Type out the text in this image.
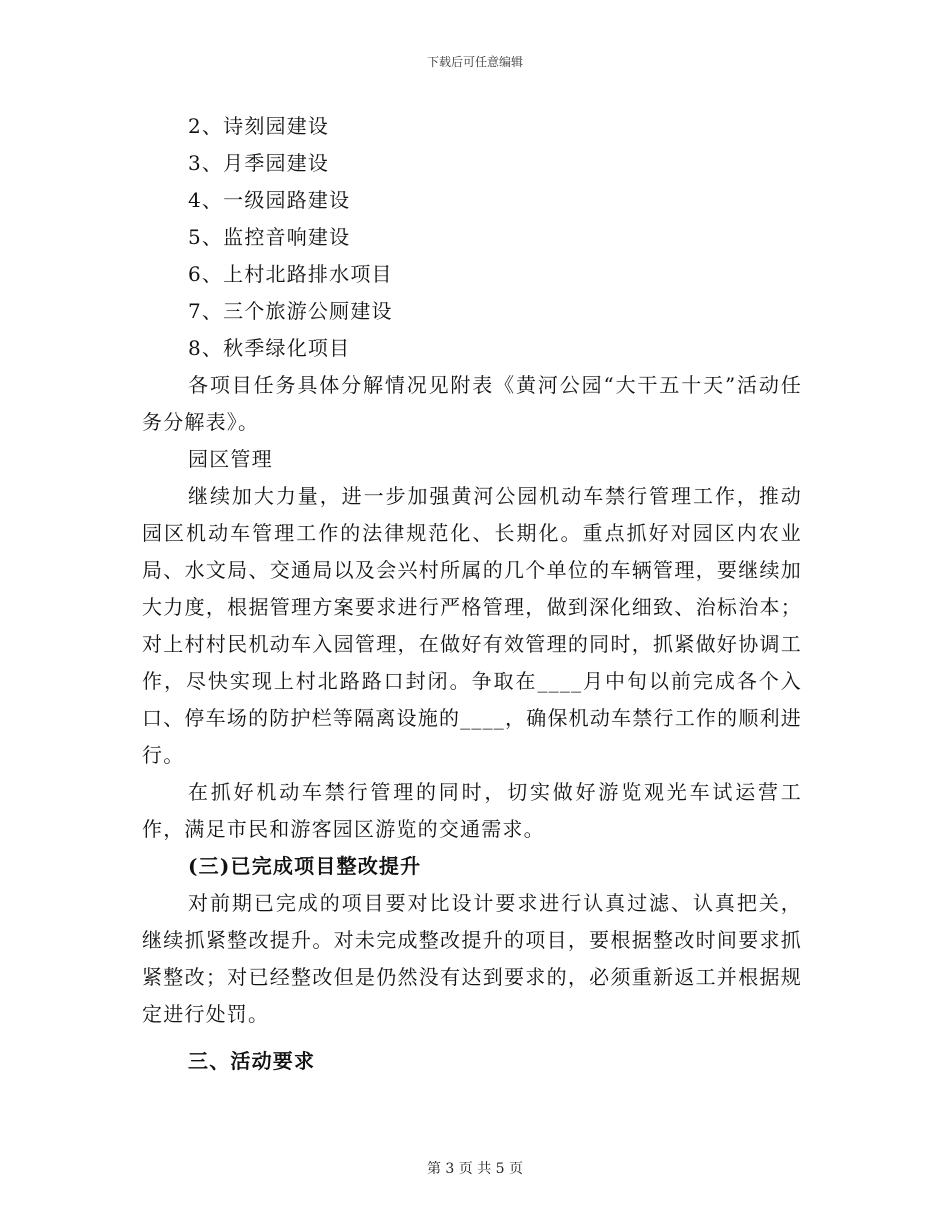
下载后可任意编辑

2、诗刻园建设

3、月季园建设

4、一级园路建设

5、监控音响建设

6、上村北路排水项目

7、三个旅游公厕建设

8、秋季绿化项目

各项目任务具体分解情况见附表《黄河公园“大干五十天”活动任务分解表》。

园区管理

继续加大力量，进一步加强黄河公园机动车禁行管理工作，推动园区机动车管理工作的法律规范化、长期化。重点抓好对园区内农业局、水文局、交通局以及会兴村所属的几个单位的车辆管理，要继续加大力度，根据管理方案要求进行严格管理，做到深化细致、治标治本；对上村村民机动车入园管理，在做好有效管理的同时，抓紧做好协调工作，尽快实现上村北路路口封闭。争取在____月中旬以前完成各个入口、停车场的防护栏等隔离设施的____，确保机动车禁行工作的顺利进行。

在抓好机动车禁行管理的同时，切实做好游览观光车试运营工作，满足市民和游客园区游览的交通需求。

(三)已完成项目整改提升

对前期已完成的项目要对比设计要求进行认真过滤、认真把关，继续抓紧整改提升。对未完成整改提升的项目，要根据整改时间要求抓紧整改；对已经整改但是仍然没有达到要求的，必须重新返工并根据规定进行处罚。

三、活动要求

第 3 页 共 5 页
